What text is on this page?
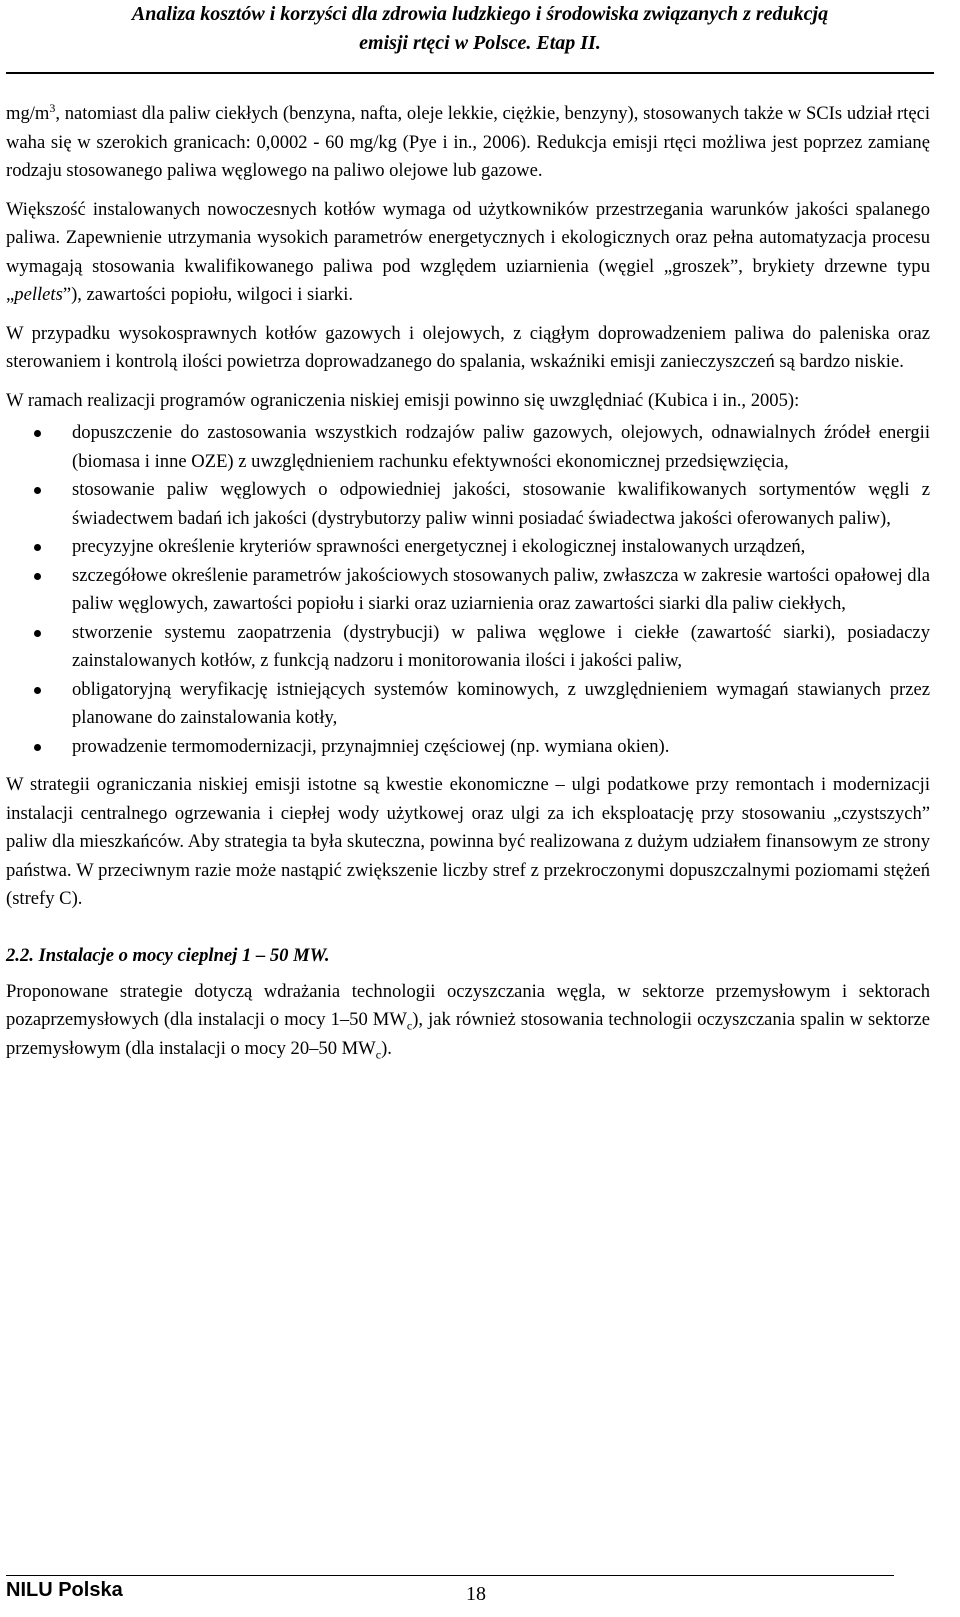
Analiza kosztów i korzyści dla zdrowia ludzkiego i środowiska związanych z redukcją
emisji rtęci w Polsce. Etap II.

$mg/m^3$, natomiast dla paliw ciekłych (benzyna, nafta, oleje lekkie, ciężkie, benzyny), stosowanych także w SCIs udział rtęci waha się w szerokich granicach: 0,0002 - 60 mg/kg (Pye i in., 2006). Redukcja emisji rtęci możliwa jest poprzez zamianę rodzaju stosowanego paliwa węglowego na paliwo olejowe lub gazowe.

Większość instalowanych nowoczesnych kotłów wymaga od użytkowników przestrzegania warunków jakości spalanego paliwa. Zapewnienie utrzymania wysokich parametrów energetycznych i ekologicznych oraz pełna automatyzacja procesu wymagają stosowania kwalifikowanego paliwa pod względem uziarnienia (węgiel „groszek”, brykiety drzewne typu „pellets”), zawartości popiołu, wilgoci i siarki.

W przypadku wysokosprawnych kotłów gazowych i olejowych, z ciągłym doprowadzeniem paliwa do paleniska oraz sterowaniem i kontrolą ilości powietrza doprowadzanego do spalania, wskaźniki emisji zanieczyszczeń są bardzo niskie.

W ramach realizacji programów ograniczenia niskiej emisji powinno się uwzględniać (Kubica i in., 2005):

dopuszczenie do zastosowania wszystkich rodzajów paliw gazowych, olejowych, odnawialnych źródeł energii (biomasa i inne OZE) z uwzględnieniem rachunku efektywności ekonomicznej przedsięwzięcia,
stosowanie paliw węglowych o odpowiedniej jakości, stosowanie kwalifikowanych sortymentów węgli z świadectwem badań ich jakości (dystrybutorzy paliw winni posiadać świadectwa jakości oferowanych paliw),
precyzyjne określenie kryteriów sprawności energetycznej i ekologicznej instalowanych urządzeń,
szczegółowe określenie parametrów jakościowych stosowanych paliw, zwłaszcza w zakresie wartości opałowej dla paliw węglowych, zawartości popiołu i siarki oraz uziarnienia oraz zawartości siarki dla paliw ciekłych,
stworzenie systemu zaopatrzenia (dystrybucji) w paliwa węglowe i ciekłe (zawartość siarki), posiadaczy zainstalowanych kotłów, z funkcją nadzoru i monitorowania ilości i jakości paliw,
obligatoryjną weryfikację istniejących systemów kominowych, z uwzględnieniem wymagań stawianych przez planowane do zainstalowania kotły,
prowadzenie termomodernizacji, przynajmniej częściowej (np. wymiana okien).

W strategii ograniczania niskiej emisji istotne są kwestie ekonomiczne – ulgi podatkowe przy remontach i modernizacji instalacji centralnego ogrzewania i ciepłej wody użytkowej oraz ulgi za ich eksploatację przy stosowaniu „czystszych” paliw dla mieszkańców. Aby strategia ta była skuteczna, powinna być realizowana z dużym udziałem finansowym ze strony państwa. W przeciwnym razie może nastąpić zwiększenie liczby stref z przekroczonymi dopuszczalnymi poziomami stężeń (strefy C).

2.2. Instalacje o mocy cieplnej 1 – 50 MW.

Proponowane strategie dotyczą wdrażania technologii oczyszczania węgla, w sektorze przemysłowym i sektorach pozaprzemysłowych (dla instalacji o mocy 1–50 $MW_c$), jak również stosowania technologii oczyszczania spalin w sektorze przemysłowym (dla instalacji o mocy 20–50 $MW_c$).

NILU Polska	18
